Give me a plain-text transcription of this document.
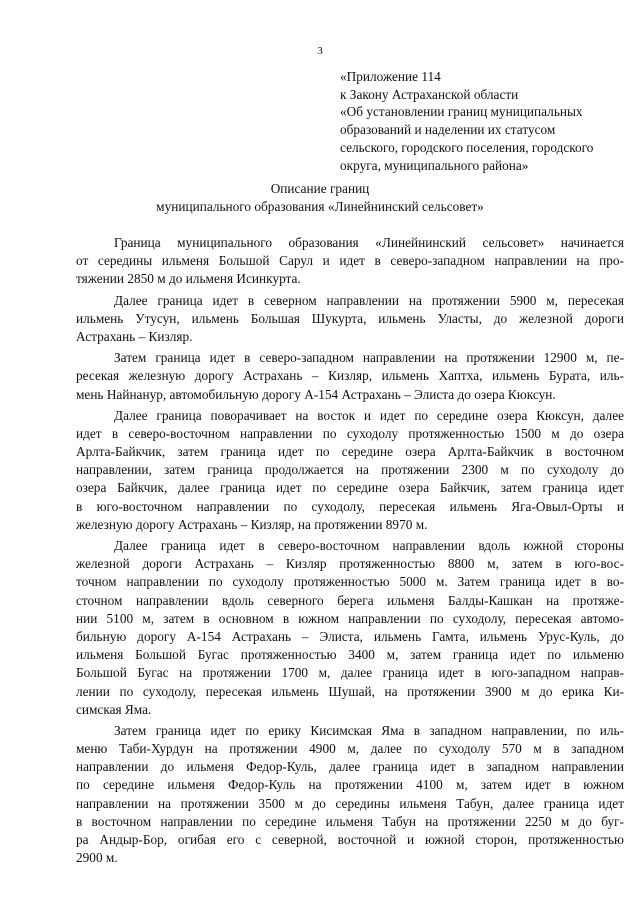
3
«Приложение 114
к Закону Астраханской области
«Об установлении границ муниципальных
образований и наделении их статусом
сельского, городского поселения, городского
округа, муниципального района»
Описание границ
муниципального образования «Линейнинский сельсовет»
Граница муниципального образования «Линейнинский сельсовет» начинается
от середины ильменя Большой Сарул и идет в северо-западном направлении на про-
тяжении 2850 м до ильменя Исинкурта.
Далее граница идет в северном направлении на протяжении 5900 м, пересекая
ильмень Утусун, ильмень Большая Шукурта, ильмень Уласты, до железной дороги
Астрахань – Кизляр.
Затем граница идет в северо-западном направлении на протяжении 12900 м, пе-
ресекая железную дорогу Астрахань – Кизляр, ильмень Хаптха, ильмень Бурата, иль-
мень Найнанур, автомобильную дорогу А-154 Астрахань – Элиста до озера Кюксун.
Далее граница поворачивает на восток и идет по середине озера Кюксун, далее
идет в северо-восточном направлении по суходолу протяженностью 1500 м до озера
Арлта-Байкчик, затем граница идет по середине озера Арлта-Байкчик в восточном
направлении, затем граница продолжается на протяжении 2300 м по суходолу до
озера Байкчик, далее граница идет по середине озера Байкчик, затем граница идет
в юго-восточном направлении по суходолу, пересекая ильмень Яга-Овыл-Орты и
железную дорогу Астрахань – Кизляр, на протяжении 8970 м.
Далее граница идет в северо-восточном направлении вдоль южной стороны
железной дороги Астрахань – Кизляр протяженностью 8800 м, затем в юго-вос-
точном направлении по суходолу протяженностью 5000 м. Затем граница идет в во-
сточном направлении вдоль северного берега ильменя Балды-Кашкан на протяже-
нии 5100 м, затем в основном в южном направлении по суходолу, пересекая автомо-
бильную дорогу А-154 Астрахань – Элиста, ильмень Гамта, ильмень Урус-Куль, до
ильменя Большой Бугас протяженностью 3400 м, затем граница идет по ильменю
Большой Бугас на протяжении 1700 м, далее граница идет в юго-западном направ-
лении по суходолу, пересекая ильмень Шушай, на протяжении 3900 м до ерика Ки-
симская Яма.
Затем граница идет по ерику Кисимская Яма в западном направлении, по иль-
меню Таби-Хурдун на протяжении 4900 м, далее по суходолу 570 м в западном
направлении до ильменя Федор-Куль, далее граница идет в западном направлении
по середине ильменя Федор-Куль на протяжении 4100 м, затем идет в южном
направлении на протяжении 3500 м до середины ильменя Табун, далее граница идет
в восточном направлении по середине ильменя Табун на протяжении 2250 м до буг-
ра Андыр-Бор, огибая его с северной, восточной и южной сторон, протяженностью
2900 м.
